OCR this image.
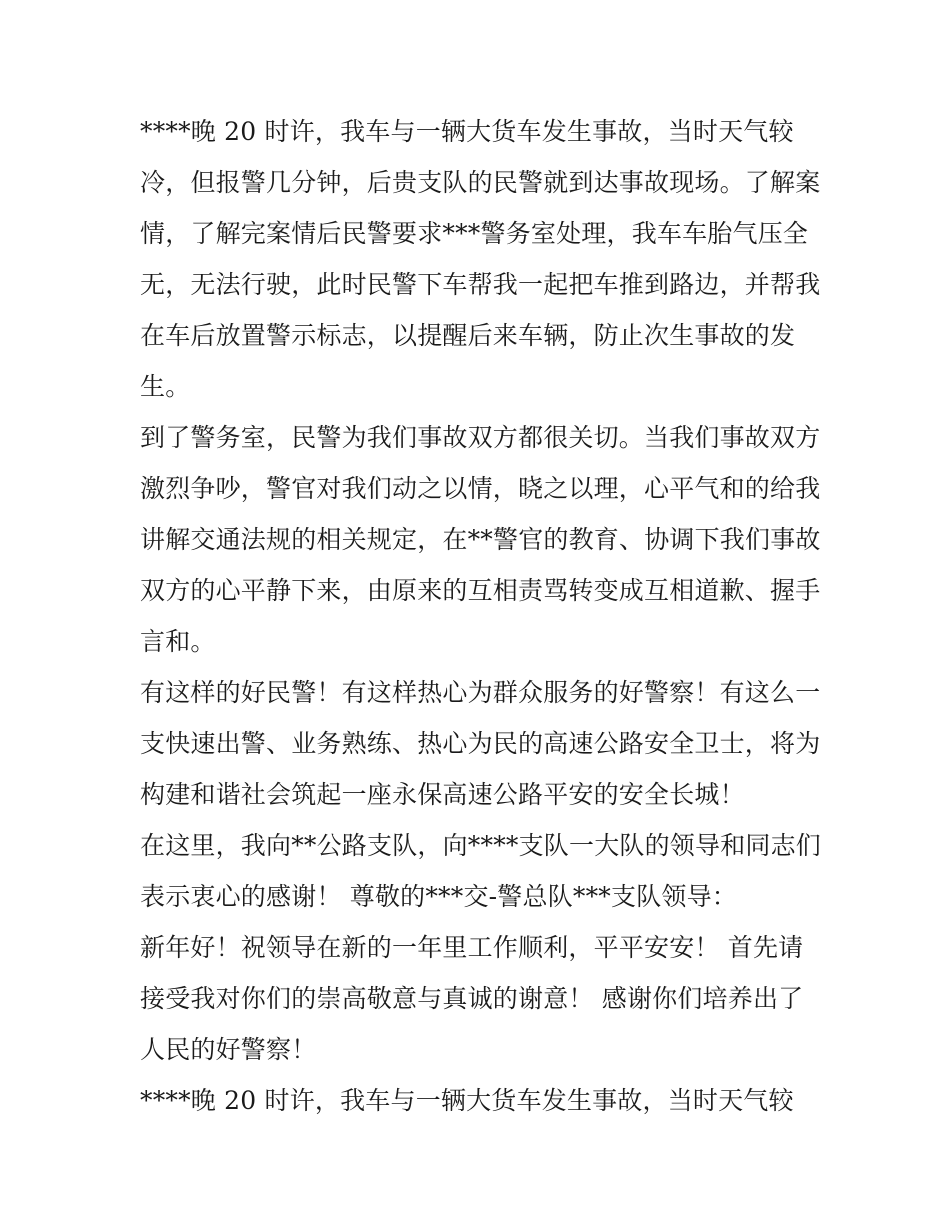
****晚 20 时许，我车与一辆大货车发生事故，当时天气较
冷，但报警几分钟，后贵支队的民警就到达事故现场。了解案
情，了解完案情后民警要求***警务室处理，我车车胎气压全
无，无法行驶，此时民警下车帮我一起把车推到路边，并帮我
在车后放置警示标志，以提醒后来车辆，防止次生事故的发
生。
到了警务室，民警为我们事故双方都很关切。当我们事故双方
激烈争吵，警官对我们动之以情，晓之以理，心平气和的给我
讲解交通法规的相关规定，在**警官的教育、协调下我们事故
双方的心平静下来，由原来的互相责骂转变成互相道歉、握手
言和。
有这样的好民警！有这样热心为群众服务的好警察！有这么一
支快速出警、业务熟练、热心为民的高速公路安全卫士，将为
构建和谐社会筑起一座永保高速公路平安的安全长城！
在这里，我向**公路支队，向****支队一大队的领导和同志们
表示衷心的感谢！ 尊敬的***交-警总队***支队领导：
新年好！祝领导在新的一年里工作顺利，平平安安！ 首先请
接受我对你们的崇高敬意与真诚的谢意！ 感谢你们培养出了
人民的好警察！
****晚 20 时许，我车与一辆大货车发生事故，当时天气较
